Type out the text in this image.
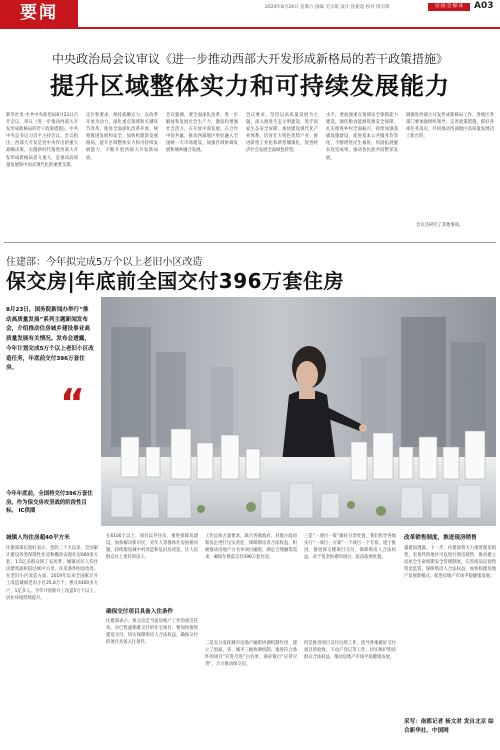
要闻	2024年8月24日 星期六 国编 毛宗锐 设计 崔振超 校对 周宗锋	见·国·全·媒·体	A03
中央政治局会议审议《进一步推动西部大开发形成新格局的若干政策措施》
提升区域整体实力和可持续发展能力
新华社电 中共中央政治局8月23日召开会议，审议《进一步推动西部大开发形成新格局的若干政策措施》。中共中央总书记习近平主持会议。会议指出，西部大开发是党中央作出的重大战略决策，实施新时代推进西部大开发形成新格局意义重大，是推动高质量发展和中国式现代化的重要支撑。
定位和要求，保持战略定力，以改革开放为动力，深化重点领域和关键环节改革，推进全面深化改革开放，统筹推进发展和安全，加快构建新发展格局，提升区域整体实力和可持续发展能力，不断开创西部大开发新局面。
会议强调，要全面深化改革，进一步解放和发展社会生产力，激发和增强社会活力，在开放中谋发展，在合作中促共赢，推动西部地区更好融入全国统一大市场建设，加强区域协调发展和城乡融合发展。
会议要求，坚持以高质量发展为主题，深入推进生态文明建设，筑牢国家生态安全屏障，加快建设现代化产业体系，培育壮大特色优势产业，推进新型工业化和新型城镇化，促进经济社会发展全面绿色转型。
水平，要加强重点领域安全保障能力建设，强化粮食能源资源安全保障，扎实推进乡村全面振兴，持续加强基础设施建设，促进基本公共服务均等化，不断增进民生福祉，巩固拓展脱贫攻坚成果，推动各民族共同繁荣发展。
调推进西部大开发形成新格局工作，各地区各部门要加强组织领导，完善政策措施，抓好各项任务落实，共同推动西部地区高质量发展迈上新台阶。
会议还研究了其他事项。
住建部：今年拟完成5万个以上老旧小区改造
保交房|年底前全国交付396万套住房
8月23日，国务院新闻办举行“推动高质量发展”系列主题新闻发布会，介绍推动住房城乡建设事业高质量发展有关情况。发布会透露，今年计划完成5万个以上老旧小区改造任务，年底前交付396万套住房。
“
今年年底前，全国将交付396万套住房。作为保交房攻坚战的阶段性目标。 IC供图
城镇人均住房超40平方米
住建部部长倪虹表示，党的二十大以来，全国累计建设各类保障性住房和棚改安置住房660余万套，1.5亿多群众圆了安居梦。城镇居民人均住房建筑面积超过40平方米，住房条件明显改善。在老旧小区改造方面，2019年以来全国累计开工改造城镇老旧小区25.8万个，惠及4400多万户、1亿多人。今年计划新开工改造5万个以上，居住环境持续提升。
在6100个以上，项目以外住房，推进保障房建设，加快解决新市民、青年人等群体住房困难问题，持续推进城中村改造和危旧房改造，让人民群众住上更好的房子。
确保交付项目具备入住条件
住建部表示，保交房是当前房地产工作的重点任务。对已售逾期难交付的住宅项目，要加快推进建设交付，切实保障购房人合法权益，确保交付的项目具备入住条件。
工作总体方案要求，联合各地政府，对地方政府和房企进行压实责任，保障购房者合法权益，积极推动房地产白名单项目融资，满足合理融资需求，确保年底前交付396万套住房。
二是充分发挥城市房地产融资协调机制作用，建立了国家、省、城市三级协调机制，推进符合条件的项目“应进尽进”白名单，商业银行“应贷尽贷”，合力推动保交房。
三是“一项目一策”做好分类处置，我们指导各地实行“一项目一方案”一个项目一个专班，逐个推进，推进保交楼项目交付，保障购房人合法权益，对于资金困难的项目，依法依规处置。
四是推进项目交付后续工作，指导各地做好交付项目的验收、不动产登记等工作，切实维护购房群众合法权益，推动房地产市场平稳健康发展。
改革销售制度，推进现房销售
董建国透露，下一步，住建部将大力推进现房销售，有条件的地区可以进行现房销售，推动建立房屋全生命周期安全管理制度，完善商品房预售资金监管，保障购房人合法权益，加快构建房地产发展新模式，促进房地产市场平稳健康发展。
采写：南都记者 杨文君 发自北京 综合新华社、中国网
